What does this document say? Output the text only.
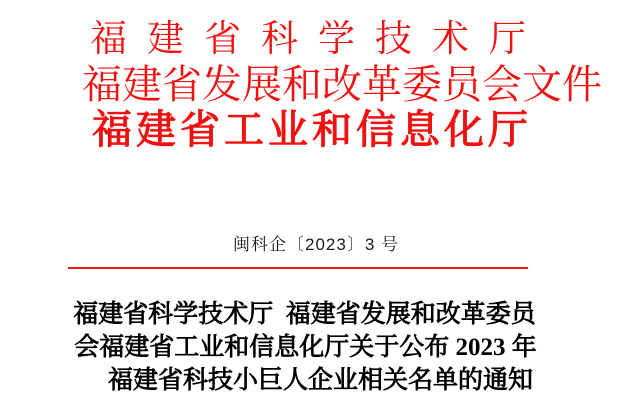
福建省科学技术厅
福建省发展和改革委员会文件
福建省工业和信息化厅
闽科企〔2023〕3 号
福建省科学技术厅  福建省发展和改革委员
会福建省工业和信息化厅关于公布 2023 年
福建省科技小巨人企业相关名单的通知
